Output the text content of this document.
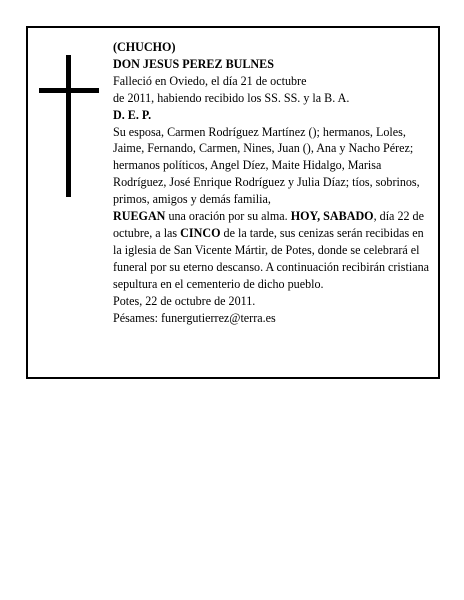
(CHUCHO)

DON JESUS PEREZ BULNES

Falleció en Oviedo, el día 21 de octubre

de 2011, habiendo recibido los SS. SS. y la B. A.

D. E. P.

Su esposa, Carmen Rodríguez Martínez (); hermanos, Loles, Jaime, Fernando, Carmen, Nines, Juan (), Ana y Nacho Pérez; hermanos políticos, Angel Díez, Maite Hidalgo, Marisa Rodríguez, José Enrique Rodríguez y Julia Díaz; tíos, sobrinos, primos, amigos y demás familia,

RUEGAN una oración por su alma. HOY, SABADO, día 22 de octubre, a las CINCO de la tarde, sus cenizas serán recibidas en la iglesia de San Vicente Mártir, de Potes, donde se celebrará el funeral por su eterno descanso. A continuación recibirán cristiana sepultura en el cementerio de dicho pueblo.

Potes, 22 de octubre de 2011.

Pésames: funergutierrez@terra.es
